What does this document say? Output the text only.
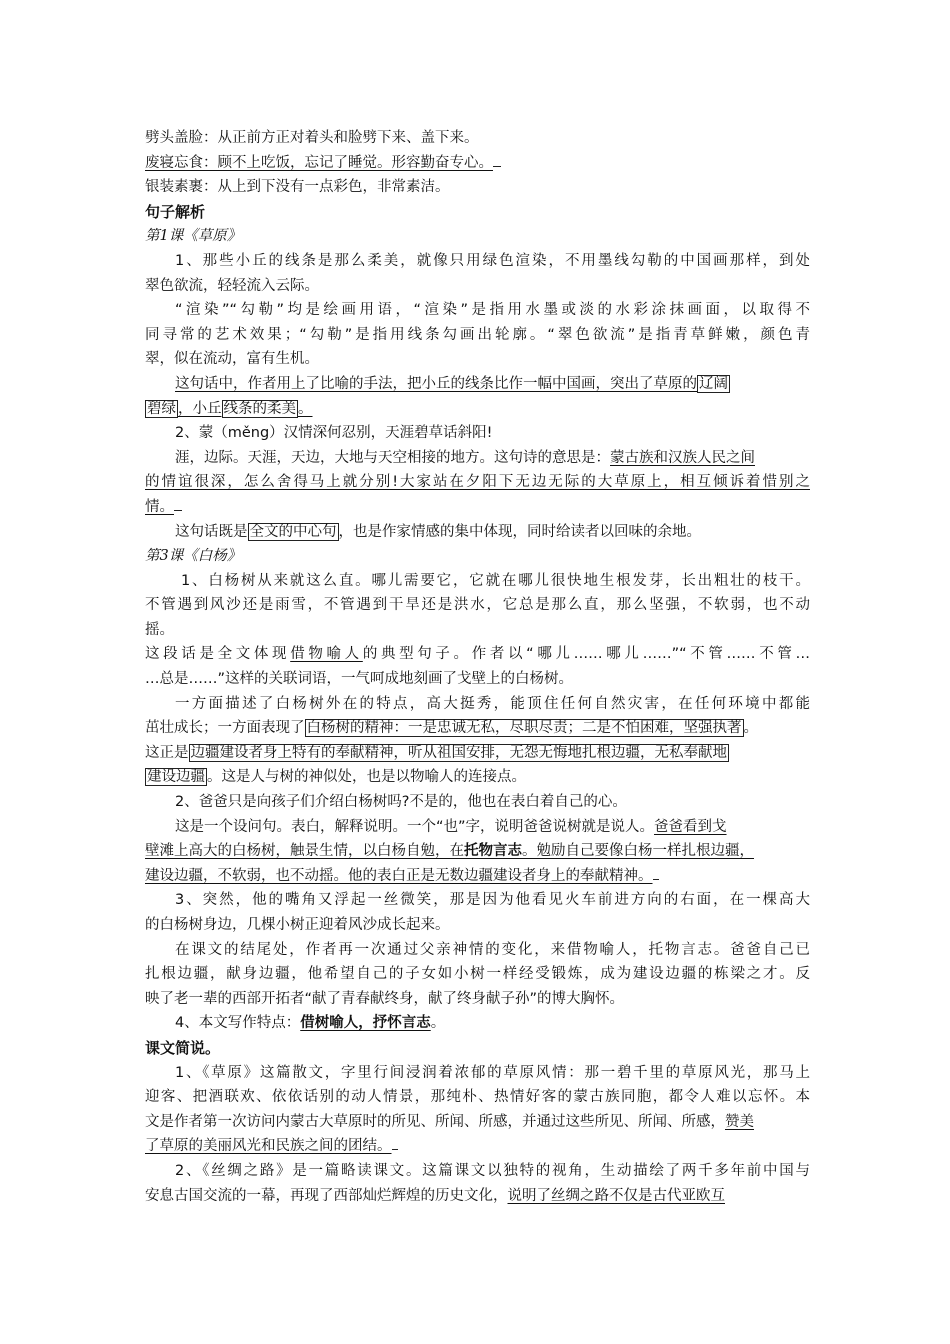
劈头盖脸：从正前方正对着头和脸劈下来、盖下来。
废寝忘食：顾不上吃饭，忘记了睡觉。形容勤奋专心。
银装素裹：从上到下没有一点彩色，非常素洁。
句子解析
第1课《草原》
1、那些小丘的线条是那么柔美，就像只用绿色渲染，不用墨线勾勒的中国画那样，到处
翠色欲流，轻轻流入云际。
“渲染”“勾勒”均是绘画用语，“渲染”是指用水墨或淡的水彩涂抹画面，以取得不
同寻常的艺术效果；“勾勒”是指用线条勾画出轮廓。“翠色欲流”是指青草鲜嫩，颜色青
翠，似在流动，富有生机。
这句话中，作者用上了比喻的手法，把小丘的线条比作一幅中国画，突出了草原的 辽阔
碧绿 ，小丘 线条的柔美 。
2、蒙（měng）汉情深何忍别，天涯碧草话斜阳!
涯，边际。天涯，天边，大地与天空相接的地方。这句诗的意思是：蒙古族和汉族人民之间
的情谊很深，怎么舍得马上就分别!大家站在夕阳下无边无际的大草原上，相互倾诉着惜别之
情。
这句话既是 全文的中心句 ，也是作家情感的集中体现，同时给读者以回味的余地。
第3课《白杨》
1、白杨树从来就这么直。哪儿需要它，它就在哪儿很快地生根发芽，长出粗壮的枝干。
不管遇到风沙还是雨雪，不管遇到干旱还是洪水，它总是那么直，那么坚强，不软弱，也不动
摇。
这段话是全文体现借物喻人的典型句子。作者以“哪儿……哪儿……”“不管……不管…
…总是……”这样的关联词语，一气呵成地刻画了戈壁上的白杨树。
一方面描述了白杨树外在的特点，高大挺秀，能顶住任何自然灾害，在任何环境中都能
茁壮成长；一方面表现了 白杨树的精神：一是忠诚无私，尽职尽责；二是不怕困难，坚强执著 。
这正是 边疆建设者身上特有的奉献精神，听从祖国安排，无怨无悔地扎根边疆，无私奉献地
建设边疆 。这是人与树的神似处，也是以物喻人的连接点。
2、爸爸只是向孩子们介绍白杨树吗?不是的，他也在表白着自己的心。
这是一个设问句。表白，解释说明。一个“也”字，说明爸爸说树就是说人。爸爸看到戈
壁滩上高大的白杨树，触景生情，以白杨自勉，在托物言志。勉励自己要像白杨一样扎根边疆，
建设边疆，不软弱，也不动摇。他的表白正是无数边疆建设者身上的奉献精神。
3、突然，他的嘴角又浮起一丝微笑，那是因为他看见火车前进方向的右面，在一棵高大
的白杨树身边，几棵小树正迎着风沙成长起来。
在课文的结尾处，作者再一次通过父亲神情的变化，来借物喻人，托物言志。爸爸自己已
扎根边疆，献身边疆，他希望自己的子女如小树一样经受锻炼，成为建设边疆的栋梁之才。反
映了老一辈的西部开拓者“献了青春献终身，献了终身献子孙”的博大胸怀。
4、本文写作特点：借树喻人，抒怀言志。
课文简说。
1、《草原》这篇散文，字里行间浸润着浓郁的草原风情：那一碧千里的草原风光，那马上
迎客、把酒联欢、依依话别的动人情景，那纯朴、热情好客的蒙古族同胞，都令人难以忘怀。本
文是作者第一次访问内蒙古大草原时的所见、所闻、所感，并通过这些所见、所闻、所感，赞美
了草原的美丽风光和民族之间的团结。
2、《丝绸之路》是一篇略读课文。这篇课文以独特的视角，生动描绘了两千多年前中国与
安息古国交流的一幕，再现了西部灿烂辉煌的历史文化，说明了丝绸之路不仅是古代亚欧互
